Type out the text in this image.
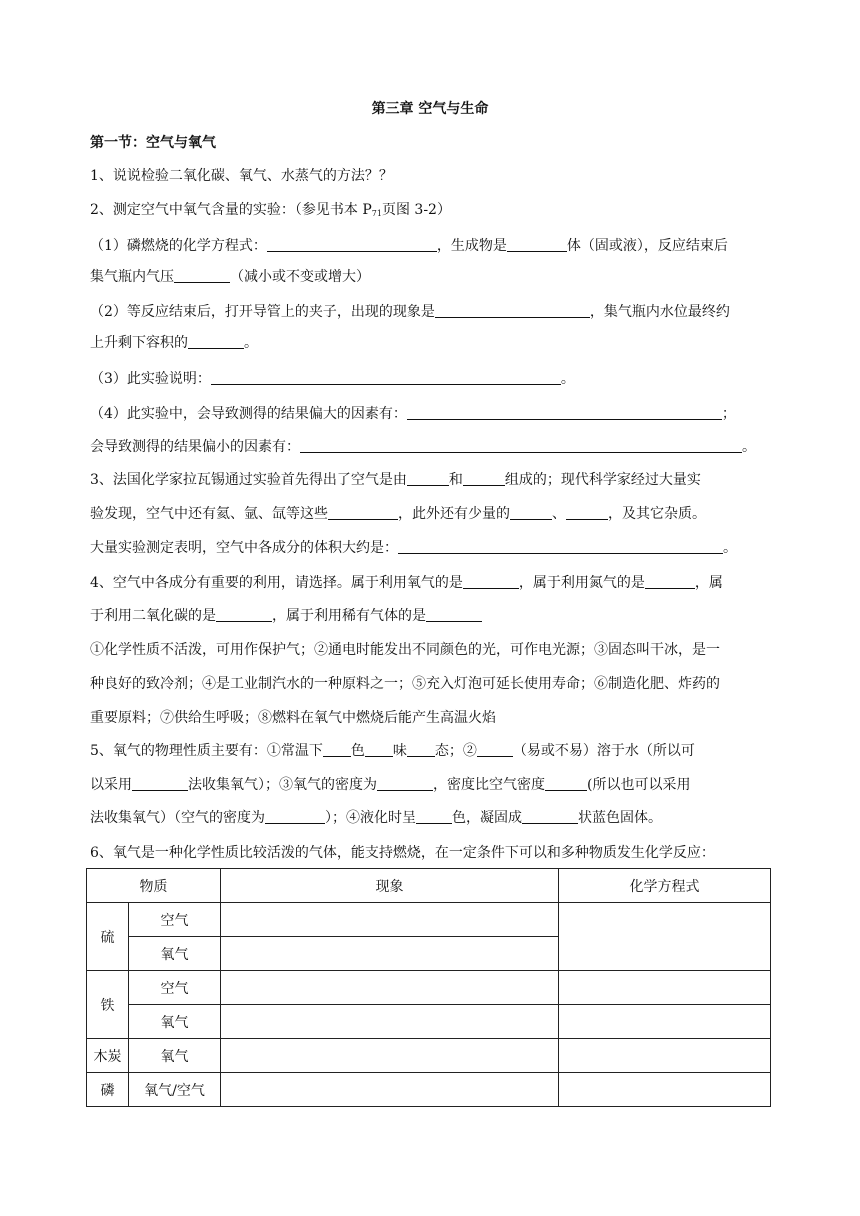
第三章 空气与生命
第一节：空气与氧气
1、说说检验二氧化碳、氧气、水蒸气的方法？？
2、测定空气中氧气含量的实验：（参见书本 $P_{71}$页图 3-2）
（1）磷燃烧的化学方程式：	，生成物是	体（固或液），反应结束后
集气瓶内气压	（减小或不变或增大）
（2）等反应结束后，打开导管上的夹子，出现的现象是	，集气瓶内水位最终约
上升剩下容积的	。
（3）此实验说明：	。
（4）此实验中，会导致测得的结果偏大的因素有：	；
会导致测得的结果偏小的因素有：	。
3、法国化学家拉瓦锡通过实验首先得出了空气是由	和	组成的；现代科学家经过大量实
验发现，空气中还有氦、氩、氙等这些	，此外还有少量的	、	，及其它杂质。
大量实验测定表明，空气中各成分的体积大约是：	。
4、空气中各成分有重要的利用，请选择。属于利用氧气的是	，属于利用氮气的是	，属
于利用二氧化碳的是	，属于利用稀有气体的是
①化学性质不活泼，可用作保护气；②通电时能发出不同颜色的光，可作电光源；③固态叫干冰，是一
种良好的致冷剂；④是工业制汽水的一种原料之一；⑤充入灯泡可延长使用寿命；⑥制造化肥、炸药的
重要原料；⑦供给生呼吸；⑧燃料在氧气中燃烧后能产生高温火焰
5、氧气的物理性质主要有：①常温下 色 味 态；②	（易或不易）溶于水（所以可
以采用	法收集氧气）；③氧气的密度为	，密度比空气密度	(所以也可以采用
法收集氧气）（空气的密度为	）；④液化时呈	色，凝固成	状蓝色固体。
6、氧气是一种化学性质比较活泼的气体，能支持燃烧，在一定条件下可以和多种物质发生化学反应：
物质		现象	化学方程式
硫	空气		
	氧气		
铁	空气		
	氧气		
木炭	氧气		
磷	氧气/空气		
